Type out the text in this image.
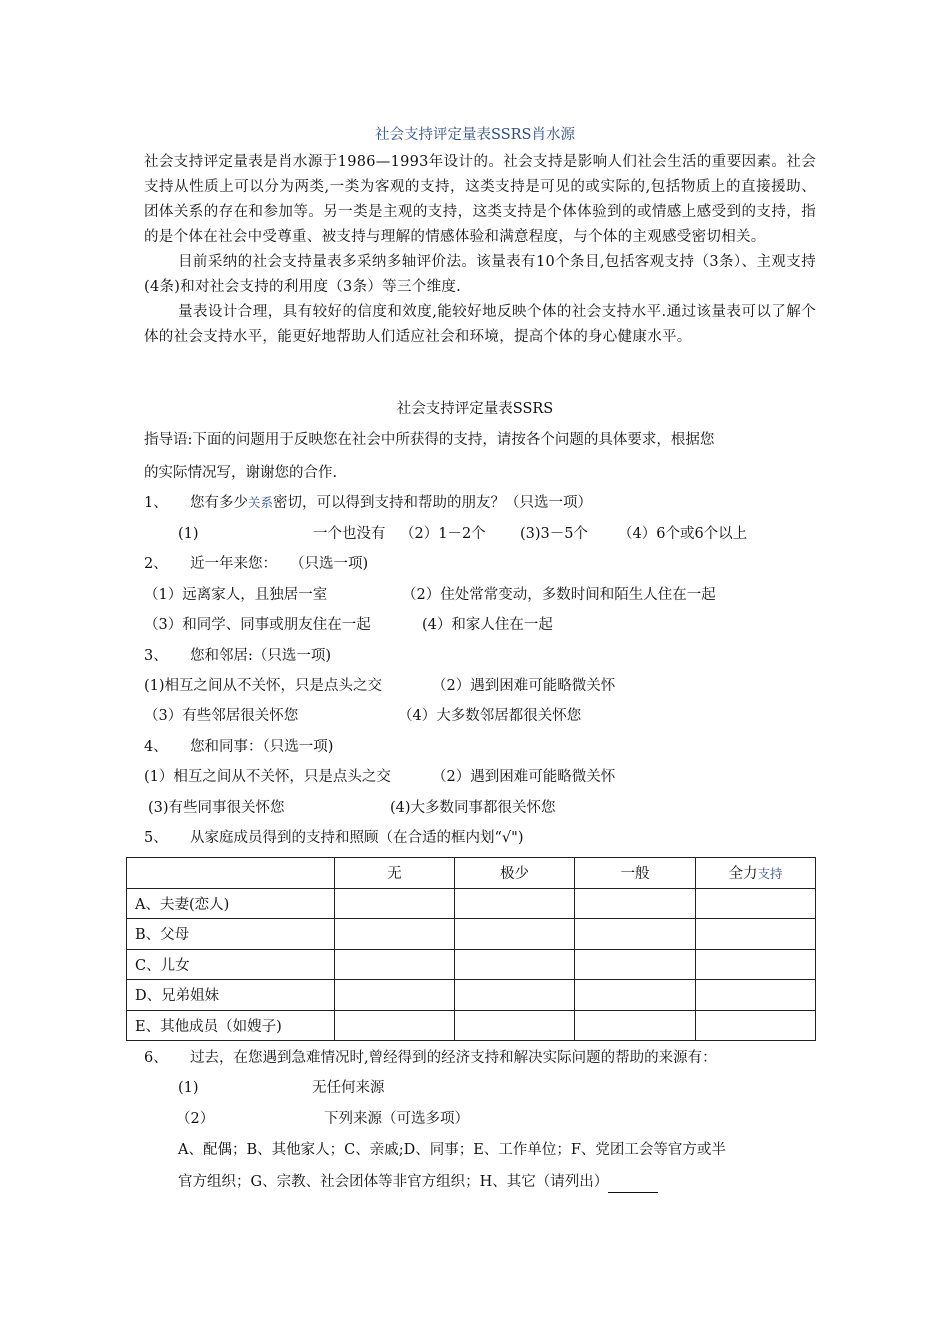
社会支持评定量表SSRS肖水源

社会支持评定量表是肖水源于1986—1993年设计的。社会支持是影响人们社会生活的重要因素。社会支持从性质上可以分为两类,一类为客观的支持，这类支持是可见的或实际的,包括物质上的直接援助、团体关系的存在和参加等。另一类是主观的支持，这类支持是个体体验到的或情感上感受到的支持，指的是个体在社会中受尊重、被支持与理解的情感体验和满意程度，与个体的主观感受密切相关。

目前采纳的社会支持量表多采纳多轴评价法。该量表有10个条目,包括客观支持（3条）、主观支持(4条)和对社会支持的利用度（3条）等三个维度.

量表设计合理，具有较好的信度和效度,能较好地反映个体的社会支持水平.通过该量表可以了解个体的社会支持水平，能更好地帮助人们适应社会和环境，提高个体的身心健康水平。

社会支持评定量表SSRS
指导语:下面的问题用于反映您在社会中所获得的支持，请按各个问题的具体要求，根据您
的实际情况写，谢谢您的合作.
1、 您有多少关系密切，可以得到支持和帮助的朋友？（只选一项）
(1)	一个也没有 （2）1－2个 (3)3－5个 （4）6个或6个以上
2、 近一年来您： （只选一项)
（1）远离家人，且独居一室	（2）住处常常变动，多数时间和陌生人住在一起
（3）和同学、同事或朋友住在一起	(4）和家人住在一起
3、 您和邻居:（只选一项)
(1)相互之间从不关怀，只是点头之交	（2）遇到困难可能略微关怀
（3）有些邻居很关怀您	（4）大多数邻居都很关怀您
4、 您和同事：（只选一项)
(1）相互之间从不关怀，只是点头之交	（2）遇到困难可能略微关怀
(3)有些同事很关怀您	(4)大多数同事都很关怀您
5、 从家庭成员得到的支持和照顾（在合适的框内划“√")
	无	极少	一般	全力支持
A、夫妻(恋人)				
B、父母				
C、儿女				
D、兄弟姐妹				
E、其他成员（如嫂子)				
6、 过去，在您遇到急难情况时,曾经得到的经济支持和解决实际问题的帮助的来源有：
(1)	无任何来源
（2）	下列来源（可选多项）
A、配偶；B、其他家人；C、亲戚;D、同事；E、工作单位；F、党团工会等官方或半
官方组织；G、宗教、社会团体等非官方组织；H、其它（请列出）
